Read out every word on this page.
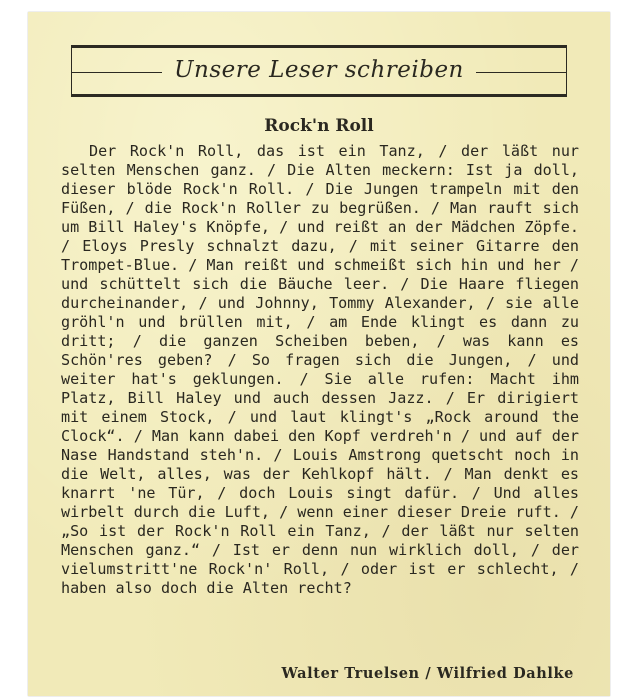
Unsere Leser schreiben
Rock'n Roll

Der Rock'n Roll, das ist ein Tanz, / der läßt nur selten Menschen ganz. / Die Alten meckern: Ist ja doll, dieser blöde Rock'n Roll. / Die Jungen trampeln mit den Füßen, / die Rock'n Roller zu begrüßen. / Man rauft sich um Bill Haley's Knöpfe, / und reißt an der Mädchen Zöpfe. / Eloys Presly schnalzt dazu, / mit seiner Gitarre den Trompet-Blue. / Man reißt und schmeißt sich hin und her / und schüttelt sich die Bäuche leer. / Die Haare fliegen durcheinander, / und Johnny, Tommy Alexander, / sie alle gröhl'n und brüllen mit, / am Ende klingt es dann zu dritt; / die ganzen Scheiben beben, / was kann es Schön'res geben? / So fragen sich die Jungen, / und weiter hat's geklungen. / Sie alle rufen: Macht ihm Platz, Bill Haley und auch dessen Jazz. / Er dirigiert mit einem Stock, / und laut klingt's „Rock around the Clock“. / Man kann dabei den Kopf verdreh'n / und auf der Nase Handstand steh'n. / Louis Amstrong quetscht noch in die Welt, alles, was der Kehlkopf hält. / Man denkt es knarrt 'ne Tür, / doch Louis singt dafür. / Und alles wirbelt durch die Luft, / wenn einer dieser Dreie ruft. / „So ist der Rock'n Roll ein Tanz, / der läßt nur selten Menschen ganz.“ / Ist er denn nun wirklich doll, / der vielumstritt'ne Rock'n' Roll, / oder ist er schlecht, / haben also doch die Alten recht?

Walter Truelsen / Wilfried Dahlke
